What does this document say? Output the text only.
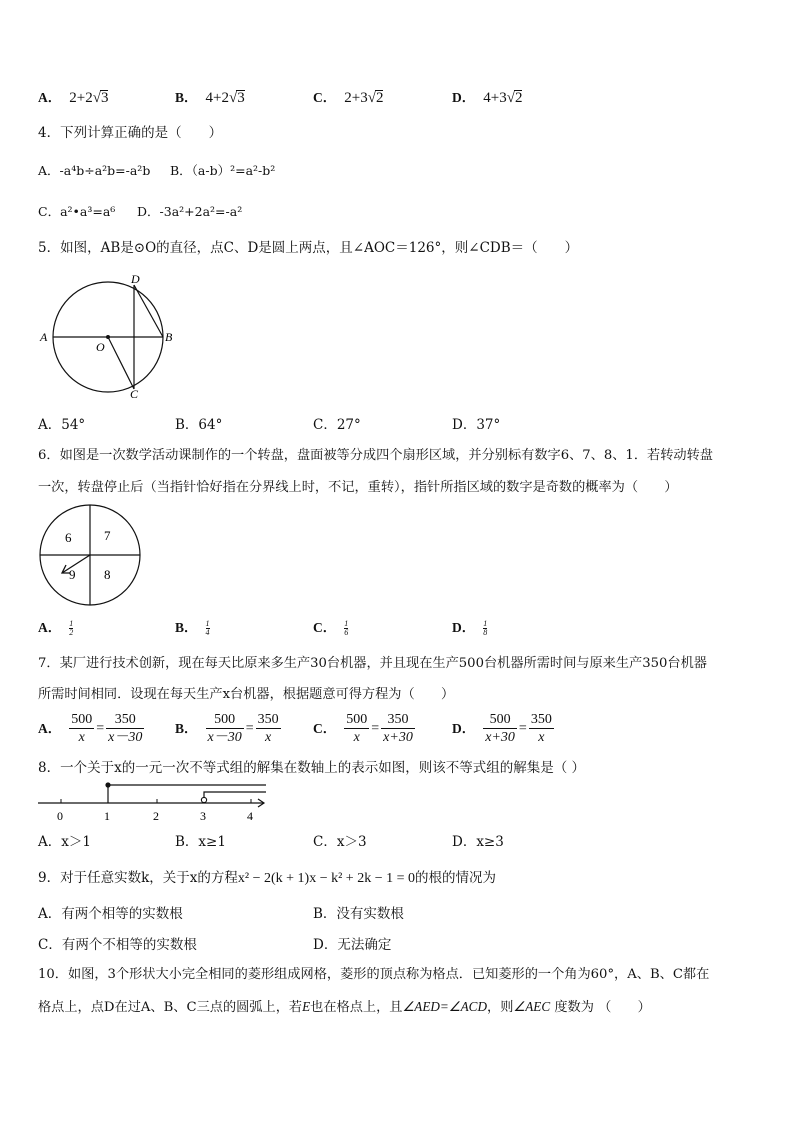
A． 2+2√3	B． 4+2√3	C． 2+3√2	D． 4+3√2
4．下列计算正确的是（　　）
A．-a⁴b÷a²b=-a²b B．（a-b）²=a²-b²
C．a²•a³=a⁶ D．-3a²+2a²=-a²
5．如图，AB是⊙O的直径，点C、D是圆上两点，且∠AOC＝126°，则∠CDB＝（　　）
A	B
C
D
O
A．54°	B．64°	C．27°	D．37°
6．如图是一次数学活动课制作的一个转盘，盘面被等分成四个扇形区域，并分别标有数字6、7、8、1．若转动转盘
一次，转盘停止后（当指针恰好指在分界线上时，不记，重转），指针所指区域的数字是奇数的概率为（　　）
6	7
9 8
A． $\frac{1}{2}$	B． $\frac{1}{4}$	C． $\frac{1}{6}$	D． $\frac{1}{8}$
7．某厂进行技术创新，现在每天比原来多生产30台机器，并且现在生产500台机器所需时间与原来生产350台机器
所需时间相同．设现在每天生产x台机器，根据题意可得方程为（　　）
A． $\frac{500}{x} = \frac{350}{x-30}$ B． $\frac{500}{x-30} = \frac{350}{x}$ C． $\frac{500}{x} = \frac{350}{x+30}$	D． $\frac{500}{x+30} = \frac{350}{x}$
8．一个关于x的一元一次不等式组的解集在数轴上的表示如图，则该不等式组的解集是（ ）
0	1	2	3	4
A．x＞1	B．x≥1	C．x＞3	D．x≥3
9．对于任意实数k，关于x的方程x² − 2(k + 1)x − k² + 2k − 1 = 0的根的情况为
A．有两个相等的实数根	B．没有实数根
C．有两个不相等的实数根	D．无法确定
10．如图，3个形状大小完全相同的菱形组成网格，菱形的顶点称为格点．已知菱形的一个角为60°，A、B、C都在
格点上，点D在过A、B、C三点的圆弧上，若E也在格点上，且∠AED=∠ACD，则∠AEC 度数为 （　　）
